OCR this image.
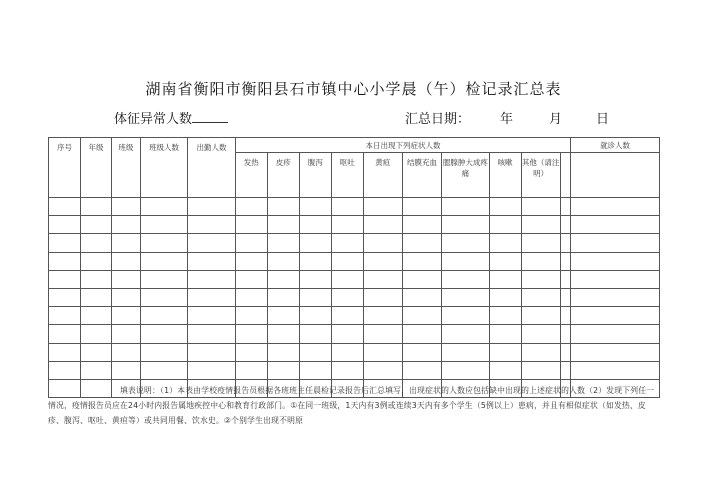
湖南省衡阳市衡阳县石市镇中心小学晨（午）检记录汇总表
体征异常人数	汇总日期： 年	月	日
序号	年级	班级	班级人数	出勤人数	本日出现下列症状人数										就诊人数
					发热	皮疹	腹泻	呕吐	黄疸	结膜充血	腮腺肿大成疼痛	咳嗽	其他（请注明）		

填表说明：（1）本表由学校疫情报告员根据各班班主任晨检记录报告后汇总填写，出现症状的人数应包括缺中出现的上述症状的人数（2）发现下列任一情况，疫情报告员应在24小时内报告属地疾控中心和教育行政部门。①在同一班级，1天内有3例或连续3天内有多个学生（5例以上）患病，并且有相似症状（如发热、皮疹、腹泻、呕吐、黄疸等）或共同用餐、饮水史。②个别学生出现不明原
